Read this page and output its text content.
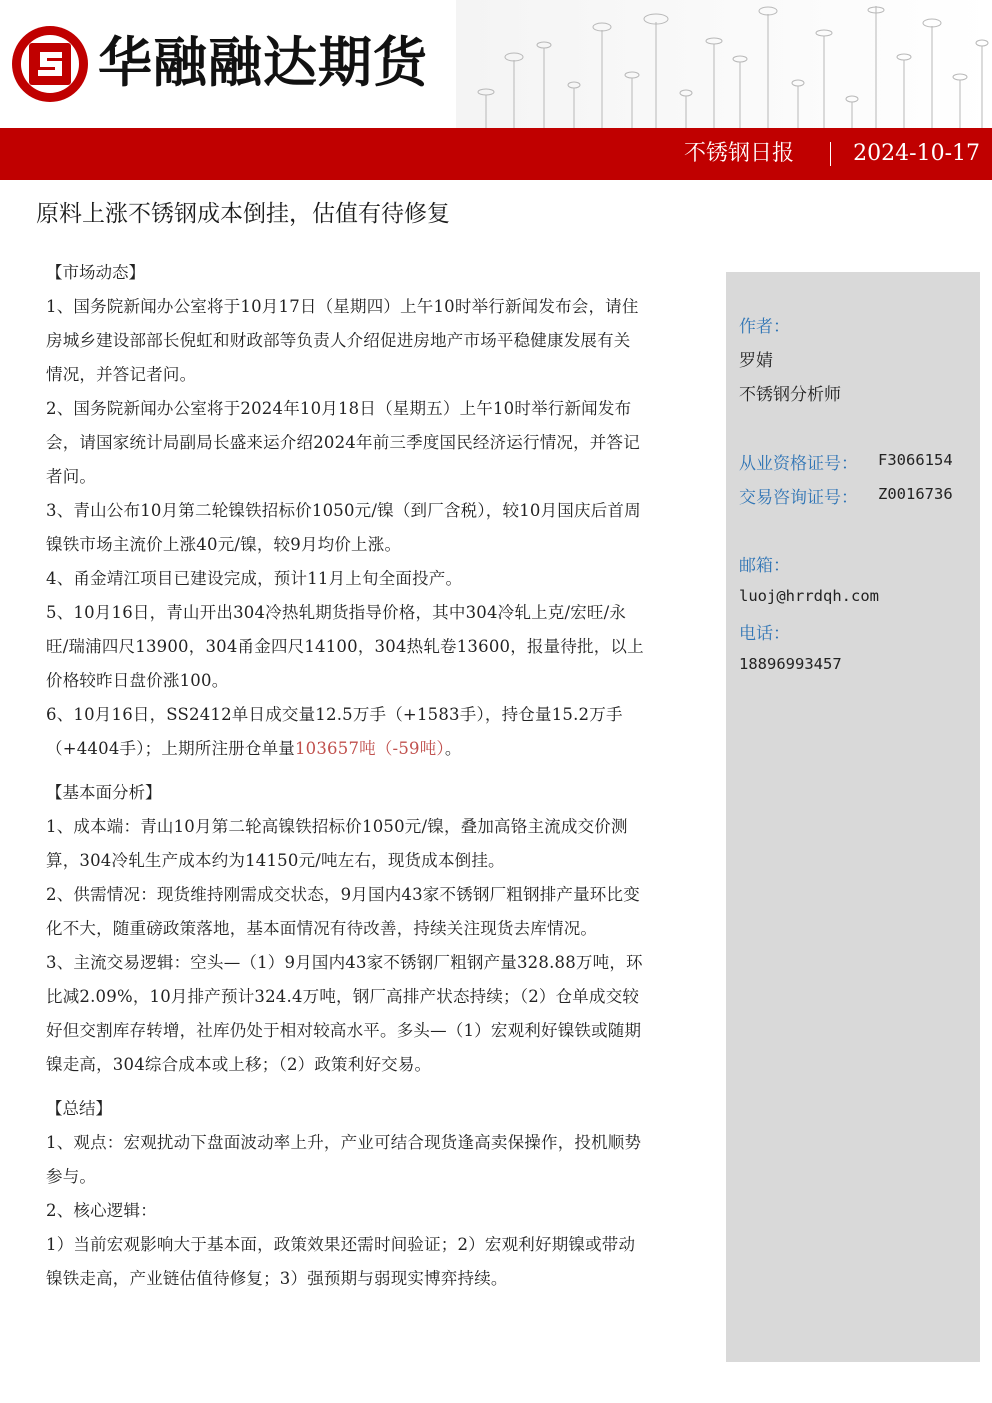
华融融达期货
不锈钢日报	2024-10-17
原料上涨不锈钢成本倒挂，估值有待修复
【市场动态】

1、国务院新闻办公室将于10月17日（星期四）上午10时举行新闻发布会，请住房城乡建设部部长倪虹和财政部等负责人介绍促进房地产市场平稳健康发展有关情况，并答记者问。

2、国务院新闻办公室将于2024年10月18日（星期五）上午10时举行新闻发布会，请国家统计局副局长盛来运介绍2024年前三季度国民经济运行情况，并答记者问。

3、青山公布10月第二轮镍铁招标价1050元/镍（到厂含税），较10月国庆后首周镍铁市场主流价上涨40元/镍，较9月均价上涨。

4、甬金靖江项目已建设完成，预计11月上旬全面投产。

5、10月16日，青山开出304冷热轧期货指导价格，其中304冷轧上克/宏旺/永旺/瑞浦四尺13900，304甬金四尺14100，304热轧卷13600，报量待批，以上价格较昨日盘价涨100。

6、10月16日，SS2412单日成交量12.5万手（+1583手），持仓量15.2万手（+4404手）；上期所注册仓单量103657吨（-59吨）。

【基本面分析】

1、成本端：青山10月第二轮高镍铁招标价1050元/镍，叠加高铬主流成交价测算，304冷轧生产成本约为14150元/吨左右，现货成本倒挂。

2、供需情况：现货维持刚需成交状态，9月国内43家不锈钢厂粗钢排产量环比变化不大，随重磅政策落地，基本面情况有待改善，持续关注现货去库情况。

3、主流交易逻辑：空头—（1）9月国内43家不锈钢厂粗钢产量328.88万吨，环比减2.09%，10月排产预计324.4万吨，钢厂高排产状态持续；（2）仓单成交较好但交割库存转增，社库仍处于相对较高水平。多头—（1）宏观利好镍铁或随期镍走高，304综合成本或上移；（2）政策利好交易。

【总结】

1、观点：宏观扰动下盘面波动率上升，产业可结合现货逢高卖保操作，投机顺势参与。

2、核心逻辑：

1）当前宏观影响大于基本面，政策效果还需时间验证；2）宏观利好期镍或带动镍铁走高，产业链估值待修复；3）强预期与弱现实博弈持续。

作者：
罗婧
不锈钢分析师
从业资格证号： F3066154
交易咨询证号： Z0016736
邮箱：
luoj@hrrdqh.com
电话：
18896993457
